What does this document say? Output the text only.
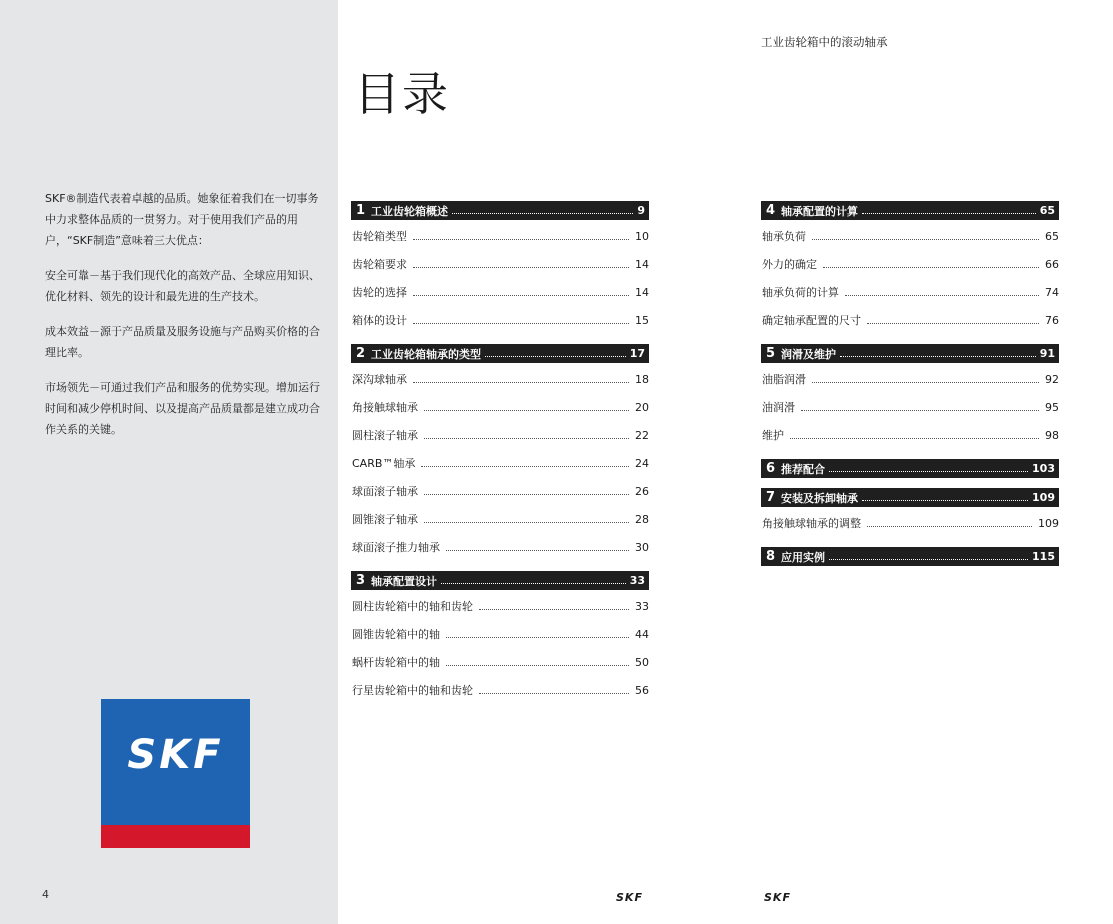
SKF®制造代表着卓越的品质。她象征着我们在一切事务中力求整体品质的一贯努力。对于使用我们产品的用户，“SKF制造”意味着三大优点：

安全可靠－基于我们现代化的高效产品、全球应用知识、优化材料、领先的设计和最先进的生产技术。

成本效益－源于产品质量及服务设施与产品购买价格的合理比率。

市场领先－可通过我们产品和服务的优势实现。增加运行时间和减少停机时间、以及提高产品质量都是建立成功合作关系的关键。

SKF
4
工业齿轮箱中的滚动轴承
目录
1 工业齿轮箱概述	9
齿轮箱类型	10
齿轮箱要求	14
齿轮的选择	14
箱体的设计	15
2 工业齿轮箱轴承的类型	17
深沟球轴承	18
角接触球轴承	20
圆柱滚子轴承	22
CARB™轴承	24
球面滚子轴承	26
圆锥滚子轴承	28
球面滚子推力轴承	30
3 轴承配置设计	33
圆柱齿轮箱中的轴和齿轮	33
圆锥齿轮箱中的轴	44
蜗杆齿轮箱中的轴	50
行星齿轮箱中的轴和齿轮	56
4 轴承配置的计算	65
轴承负荷	65
外力的确定	66
轴承负荷的计算	74
确定轴承配置的尺寸	76
5 润滑及维护	91
油脂润滑	92
油润滑	95
维护	98
6 推荐配合	103
7 安装及拆卸轴承	109
角接触球轴承的调整	109
8 应用实例	115
SKF	SKF
